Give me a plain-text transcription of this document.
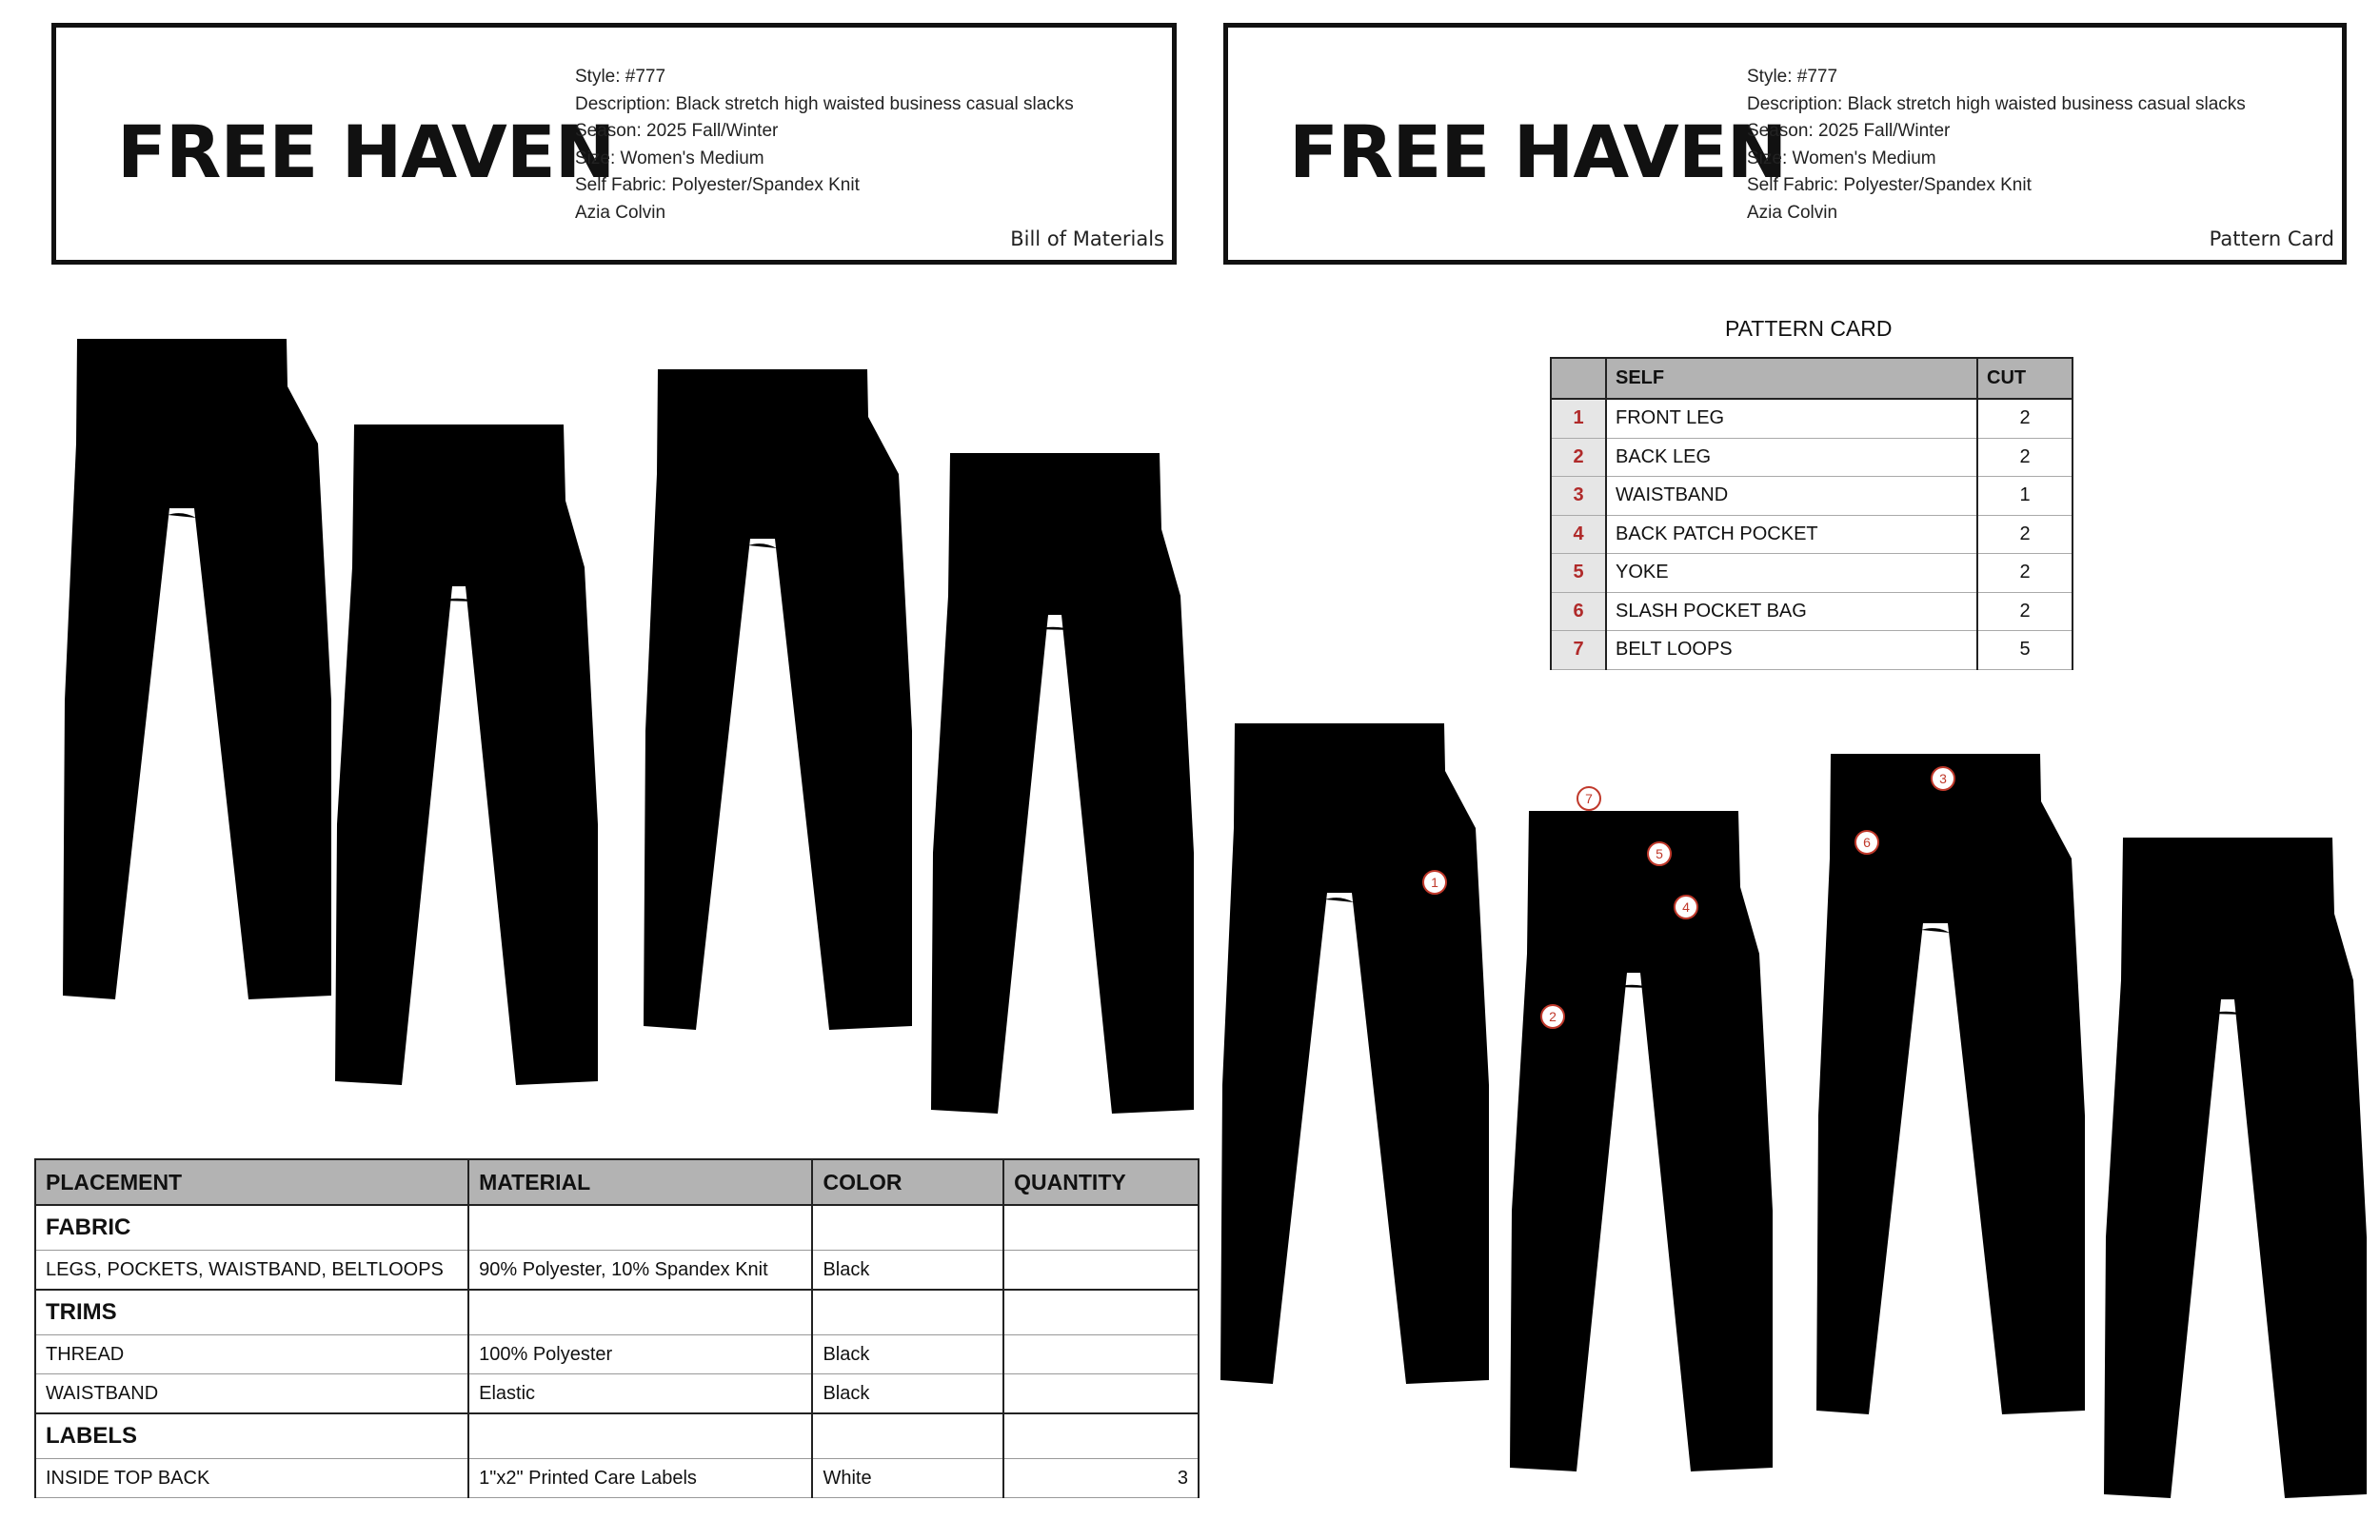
FREE HAVEN
Style: #777
Description: Black stretch high waisted business casual slacks
Season: 2025 Fall/Winter
Size: Women's Medium
Self Fabric: Polyester/Spandex Knit
Azia Colvin
Bill of Materials
FREE HAVEN
Style: #777
Description: Black stretch high waisted business casual slacks
Season: 2025 Fall/Winter
Size: Women's Medium
Self Fabric: Polyester/Spandex Knit
Azia Colvin
Pattern Card
1
2
3
4
5
6
7
PLACEMENT	MATERIAL	COLOR	QUANTITY
FABRIC			
LEGS, POCKETS, WAISTBAND, BELTLOOPS	90% Polyester, 10% Spandex Knit	Black	
TRIMS			
THREAD	100% Polyester	Black	
WAISTBAND	Elastic	Black	
LABELS			
INSIDE TOP BACK	1"x2" Printed Care Labels	White	3
PATTERN CARD
	SELF	CUT
1	FRONT LEG	2
2	BACK LEG	2
3	WAISTBAND	1
4	BACK PATCH POCKET	2
5	YOKE	2
6	SLASH POCKET BAG	2
7	BELT LOOPS	5
